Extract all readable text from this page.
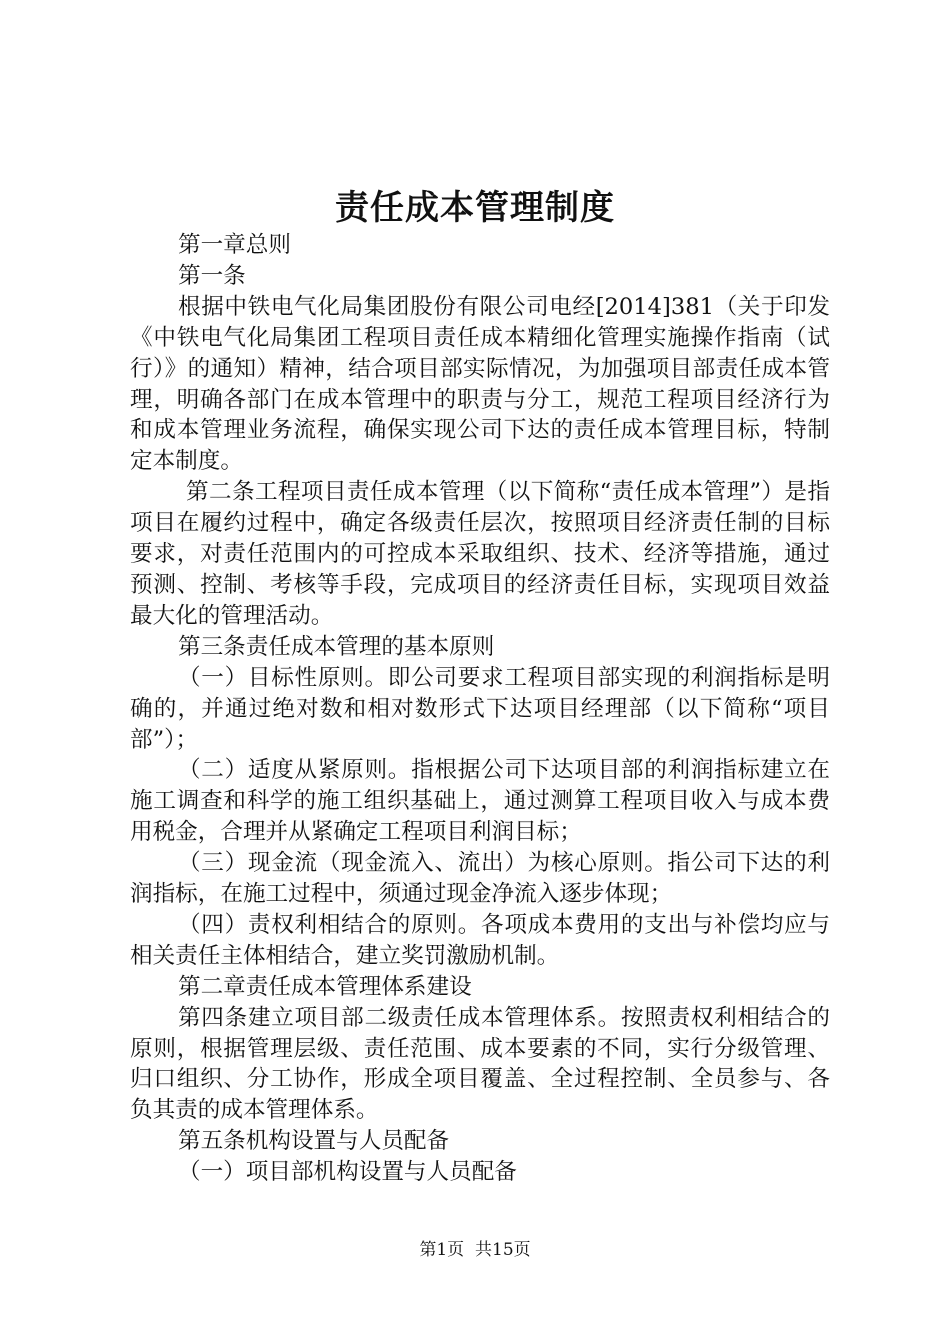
责任成本管理制度

第一章总则

第一条

根据中铁电气化局集团股份有限公司电经[2014]381（关于印发《中铁电气化局集团工程项目责任成本精细化管理实施操作指南（试行）》的通知）精神，结合项目部实际情况，为加强项目部责任成本管理，明确各部门在成本管理中的职责与分工，规范工程项目经济行为和成本管理业务流程，确保实现公司下达的责任成本管理目标，特制定本制度。

第二条工程项目责任成本管理（以下简称“责任成本管理”）是指项目在履约过程中，确定各级责任层次，按照项目经济责任制的目标要求，对责任范围内的可控成本采取组织、技术、经济等措施，通过预测、控制、考核等手段，完成项目的经济责任目标，实现项目效益最大化的管理活动。

第三条责任成本管理的基本原则

（一）目标性原则。即公司要求工程项目部实现的利润指标是明确的，并通过绝对数和相对数形式下达项目经理部（以下简称“项目部”）；

（二）适度从紧原则。指根据公司下达项目部的利润指标建立在施工调查和科学的施工组织基础上，通过测算工程项目收入与成本费用税金，合理并从紧确定工程项目利润目标；

（三）现金流（现金流入、流出）为核心原则。指公司下达的利润指标，在施工过程中，须通过现金净流入逐步体现；

（四）责权利相结合的原则。各项成本费用的支出与补偿均应与相关责任主体相结合，建立奖罚激励机制。

第二章责任成本管理体系建设

第四条建立项目部二级责任成本管理体系。按照责权利相结合的原则，根据管理层级、责任范围、成本要素的不同，实行分级管理、归口组织、分工协作，形成全项目覆盖、全过程控制、全员参与、各负其责的成本管理体系。

第五条机构设置与人员配备

（一）项目部机构设置与人员配备

第1页 共15页
